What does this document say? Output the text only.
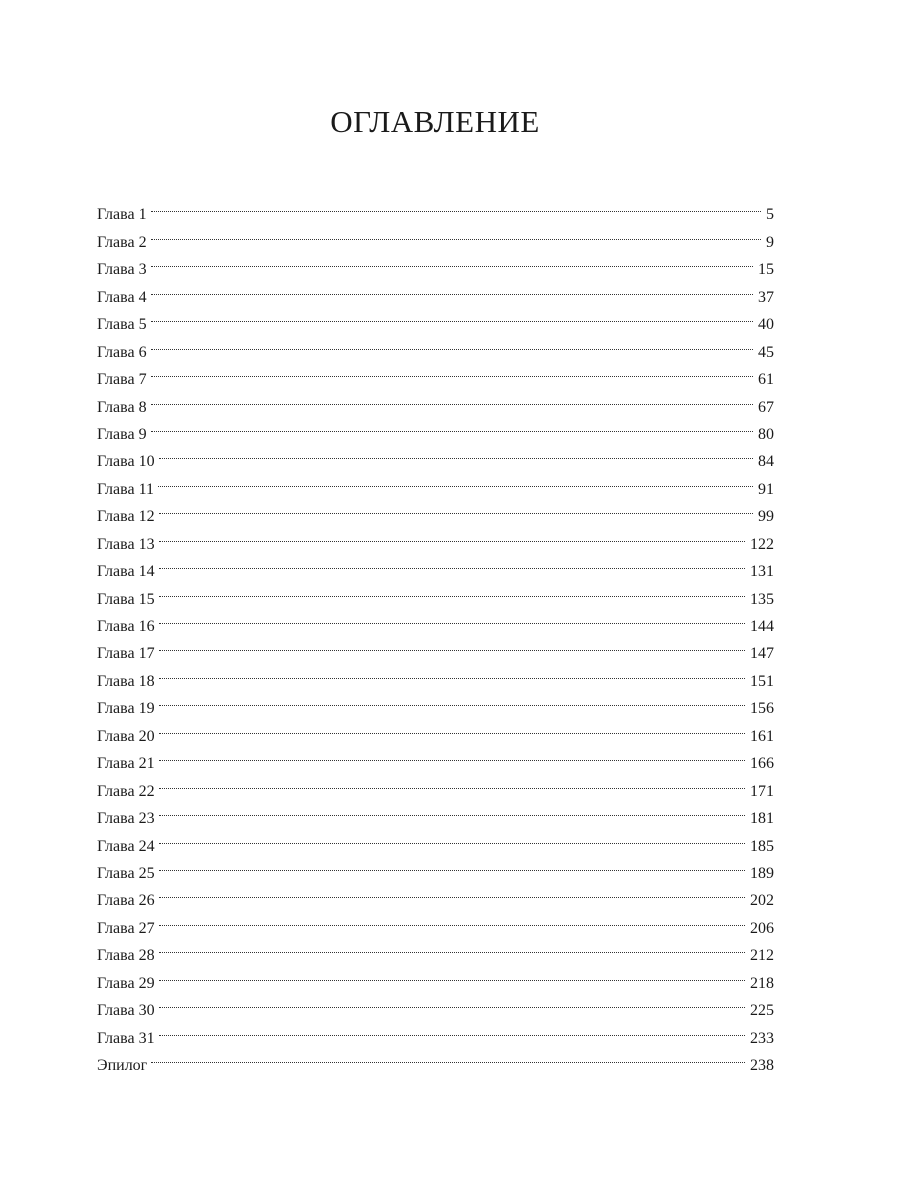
ОГЛАВЛЕНИЕ
Глава 1	5
Глава 2	9
Глава 3	15
Глава 4	37
Глава 5	40
Глава 6	45
Глава 7	61
Глава 8	67
Глава 9	80
Глава 10	84
Глава 11	91
Глава 12	99
Глава 13	122
Глава 14	131
Глава 15	135
Глава 16	144
Глава 17	147
Глава 18	151
Глава 19	156
Глава 20	161
Глава 21	166
Глава 22	171
Глава 23	181
Глава 24	185
Глава 25	189
Глава 26	202
Глава 27	206
Глава 28	212
Глава 29	218
Глава 30	225
Глава 31	233
Эпилог	238
